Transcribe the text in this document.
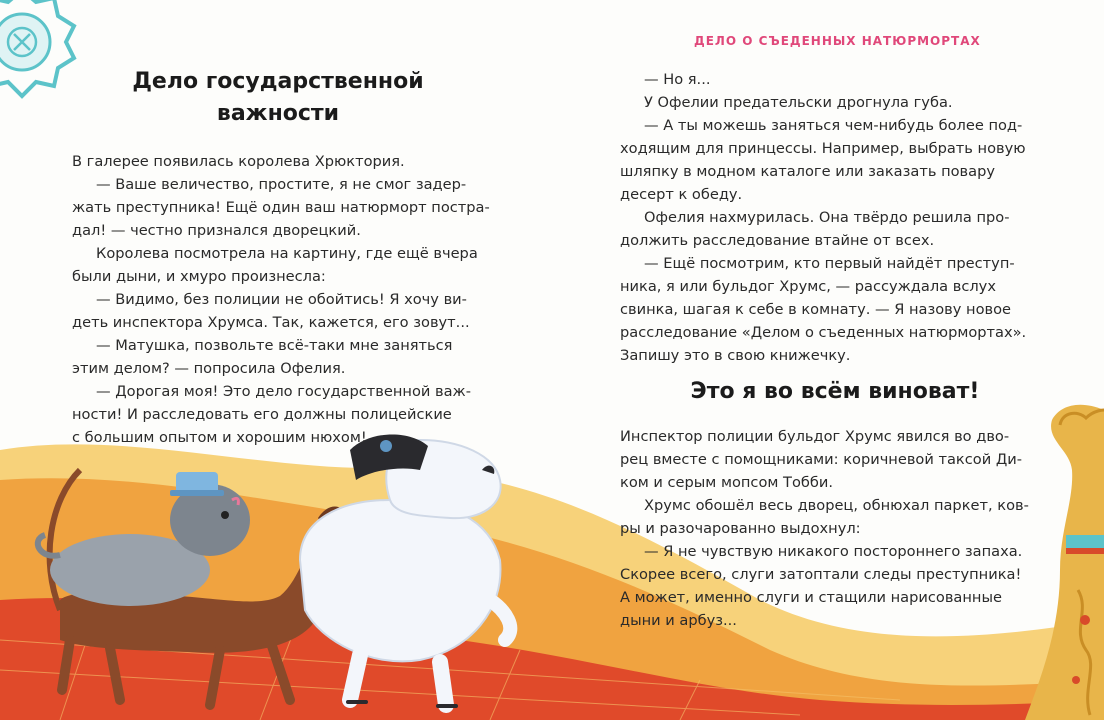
Дело государственной
важности
В галерее появилась королева Хрюктория.
— Ваше величество, простите, я не смог задер-
жать преступника! Ещё один ваш натюрморт постра-
дал! — честно признался дворецкий.
Королева посмотрела на картину, где ещё вчера
были дыни, и хмуро произнесла:
— Видимо, без полиции не обойтись! Я хочу ви-
деть инспектора Хрумса. Так, кажется, его зовут...
— Матушка, позвольте всё-таки мне заняться
этим делом? — попросила Офелия.
— Дорогая моя! Это дело государственной важ-
ности! И расследовать его должны полицейские
с большим опытом и хорошим нюхом!
ДЕЛО О СЪЕДЕННЫХ НАТЮРМОРТАХ
— Но я...
У Офелии предательски дрогнула губа.
— А ты можешь заняться чем-нибудь более под-
ходящим для принцессы. Например, выбрать новую
шляпку в модном каталоге или заказать повару
десерт к обеду.
Офелия нахмурилась. Она твёрдо решила про-
должить расследование втайне от всех.
— Ещё посмотрим, кто первый найдёт преступ-
ника, я или бульдог Хрумс, — рассуждала вслух
свинка, шагая к себе в комнату. — Я назову новое
расследование «Делом о съеденных натюрмортах».
Запишу это в свою книжечку.
Это я во всём виноват!
Инспектор полиции бульдог Хрумс явился во дво-
рец вместе с помощниками: коричневой таксой Ди-
ком и серым мопсом Тобби.
Хрумс обошёл весь дворец, обнюхал паркет, ков-
ры и разочарованно выдохнул:
— Я не чувствую никакого постороннего запаха.
Скорее всего, слуги затоптали следы преступника!
А может, именно слуги и стащили нарисованные
дыни и арбуз...
